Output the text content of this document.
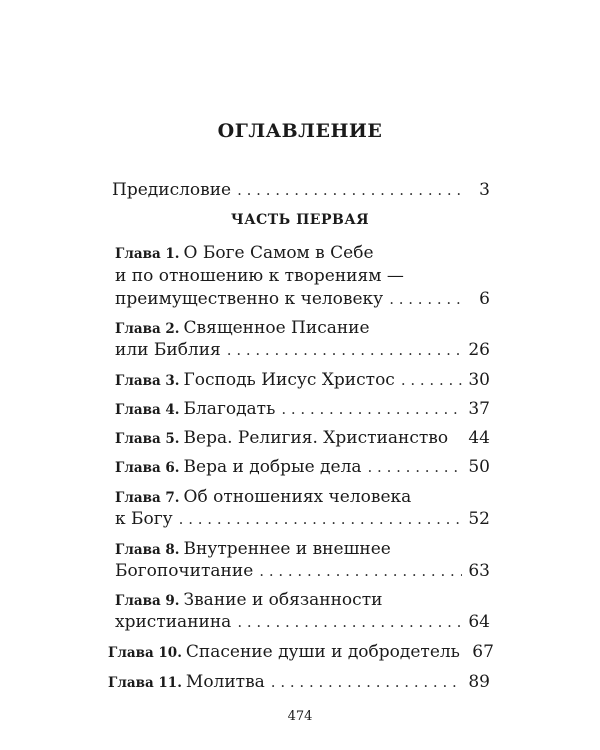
ОГЛАВЛЕНИЕ
Предисловие . . .	3
ЧАСТЬ ПЕРВАЯ
Глава 1. О Боге Самом в Себе
и по отношению к творениям —
преимущественно к человеку . . .	6
Глава 2. Священное Писание
или Библия . . .	26
Глава 3. Господь Иисус Христос . . .	30
Глава 4. Благодать . . .	37
Глава 5. Вера. Религия. Христианство 44
Глава 6. Вера и добрые дела . . .	50
Глава 7. Об отношениях человека
к Богу . . .	52
Глава 8. Внутреннее и внешнее
Богопочитание . . .	63
Глава 9. Звание и обязанности
христианина . . .	64
Глава 10. Спасение души и добродетель 67
Глава 11. Молитва . . .	89
474
